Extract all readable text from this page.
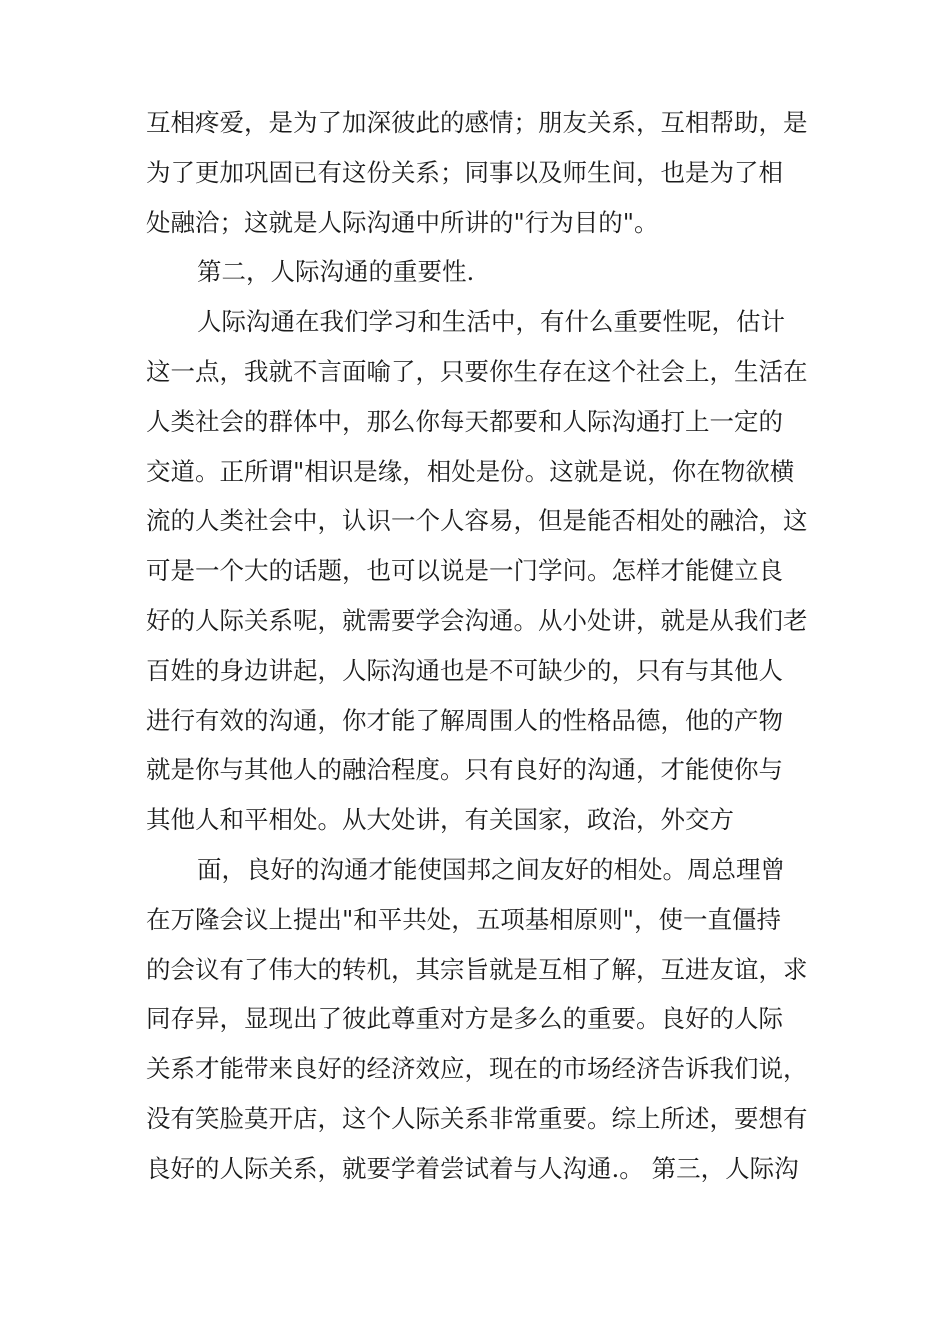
互相疼爱，是为了加深彼此的感情；朋友关系，互相帮助，是
为了更加巩固已有这份关系；同事以及师生间，也是为了相
处融洽；这就是人际沟通中所讲的"行为目的"。
第二，人际沟通的重要性.
人际沟通在我们学习和生活中，有什么重要性呢，估计
这一点，我就不言面喻了，只要你生存在这个社会上，生活在
人类社会的群体中，那么你每天都要和人际沟通打上一定的
交道。正所谓"相识是缘，相处是份。这就是说，你在物欲横
流的人类社会中，认识一个人容易，但是能否相处的融洽，这
可是一个大的话题，也可以说是一门学问。怎样才能健立良
好的人际关系呢，就需要学会沟通。从小处讲，就是从我们老
百姓的身边讲起，人际沟通也是不可缺少的，只有与其他人
进行有效的沟通，你才能了解周围人的性格品德，他的产物
就是你与其他人的融洽程度。只有良好的沟通，才能使你与
其他人和平相处。从大处讲，有关国家，政治，外交方
面，良好的沟通才能使国邦之间友好的相处。周总理曾
在万隆会议上提出"和平共处，五项基相原则"，使一直僵持
的会议有了伟大的转机，其宗旨就是互相了解，互进友谊，求
同存异，显现出了彼此尊重对方是多么的重要。良好的人际
关系才能带来良好的经济效应，现在的市场经济告诉我们说，
没有笑脸莫开店，这个人际关系非常重要。综上所述，要想有
良好的人际关系，就要学着尝试着与人沟通.。 第三，人际沟
